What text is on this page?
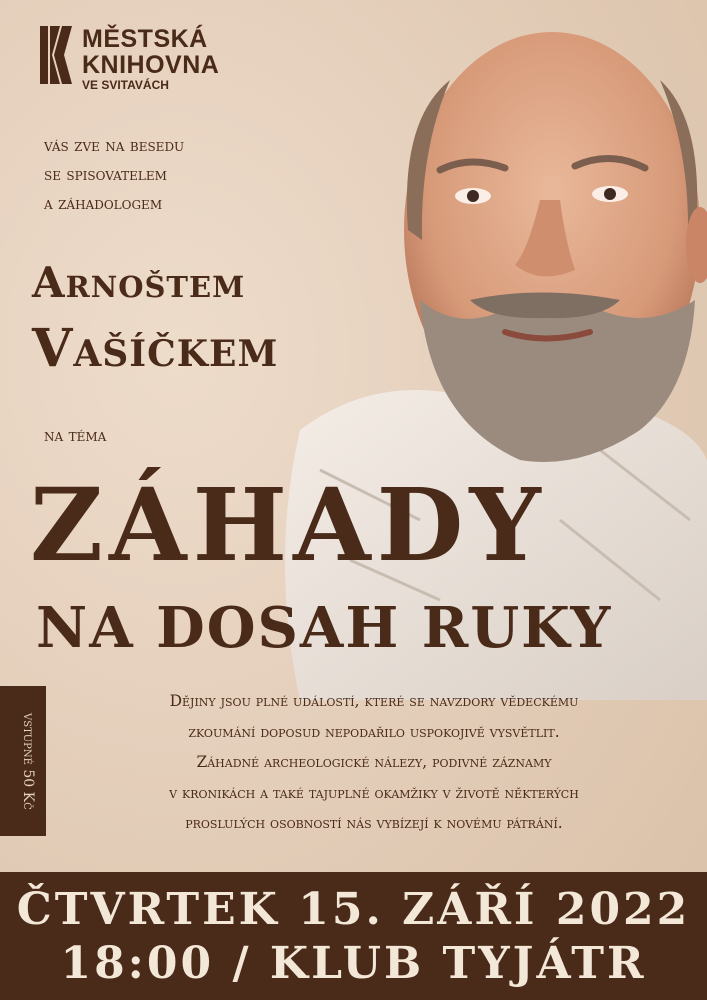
MĚSTSKÁ
KNIHOVNA
VE SVITAVÁCH
vás zve na besedu
se spisovatelem
a záhadologem
Arnoštem
Vašíčkem
na téma
ZÁHADY
NA DOSAH RUKY
vstupné 50 Kč
Dějiny jsou plné událostí, které se navzdory vědeckému
zkoumání doposud nepodařilo uspokojivě vysvětlit.
Záhadné archeologické nálezy, podivné záznamy
v kronikách a také tajuplné okamžiky v životě některých
proslulých osobností nás vybízejí k novému pátrání.
ČTVRTEK 15. ZÁŘÍ 2022
18:00 / KLUB TYJÁTR
